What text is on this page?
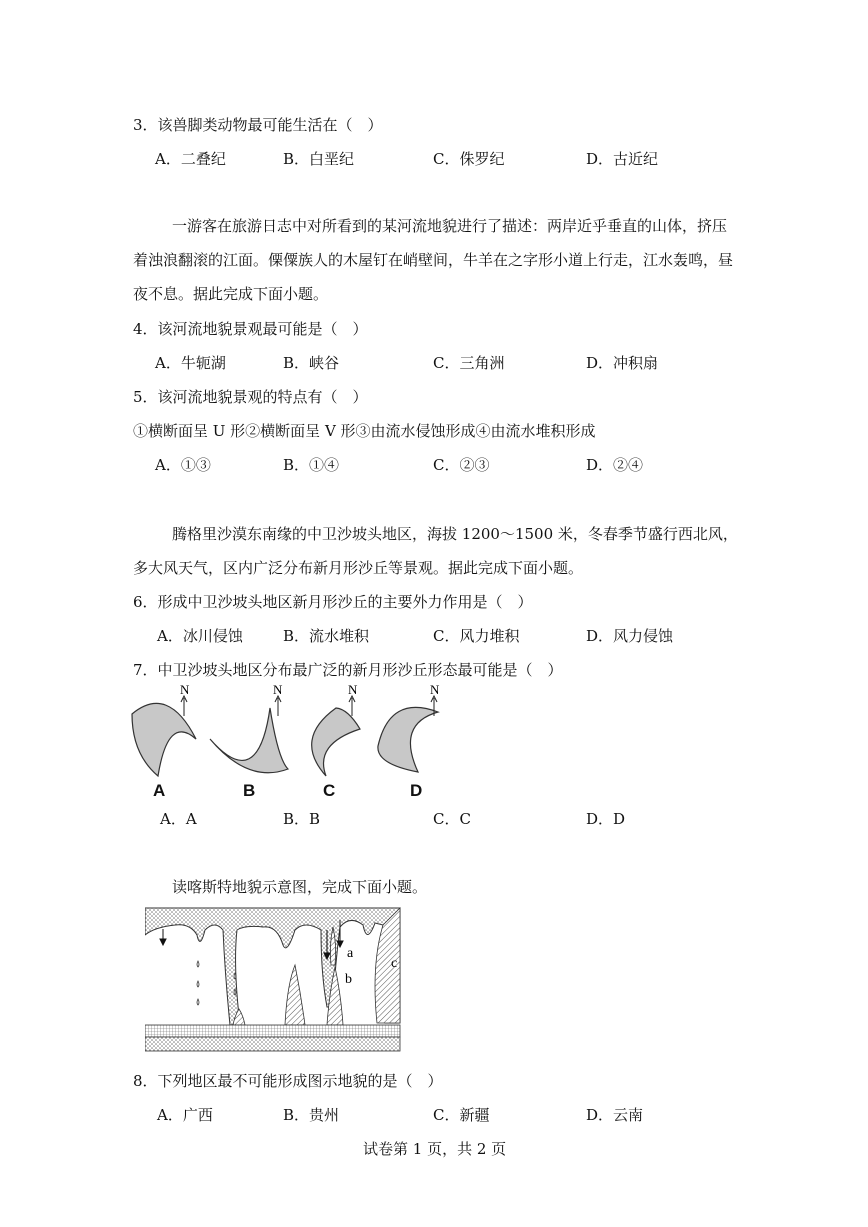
3．该兽脚类动物最可能生活在（　）
A．二叠纪	B．白垩纪	C．侏罗纪	D．古近纪
一游客在旅游日志中对所看到的某河流地貌进行了描述：两岸近乎垂直的山体，挤压
着浊浪翻滚的江面。傈僳族人的木屋钉在峭壁间，牛羊在之字形小道上行走，江水轰鸣，昼
夜不息。据此完成下面小题。
4．该河流地貌景观最可能是（　）
A．牛轭湖	B．峡谷	C．三角洲	D．冲积扇
5．该河流地貌景观的特点有（　）
①横断面呈 U 形②横断面呈 V 形③由流水侵蚀形成④由流水堆积形成
A．①③	B．①④	C．②③	D．②④
腾格里沙漠东南缘的中卫沙坡头地区，海拔 1200～1500 米，冬春季节盛行西北风，
多大风天气，区内广泛分布新月形沙丘等景观。据此完成下面小题。
6．形成中卫沙坡头地区新月形沙丘的主要外力作用是（　）
A．冰川侵蚀	B．流水堆积	C．风力堆积	D．风力侵蚀
7．中卫沙坡头地区分布最广泛的新月形沙丘形态最可能是（　）
N	N	N	N
A	B	C	D
A．A	B．B	C．C	D．D
读喀斯特地貌示意图，完成下面小题。
a
b
c
8．下列地区最不可能形成图示地貌的是（　）
A．广西	B．贵州	C．新疆	D．云南
试卷第 1 页，共 2 页
